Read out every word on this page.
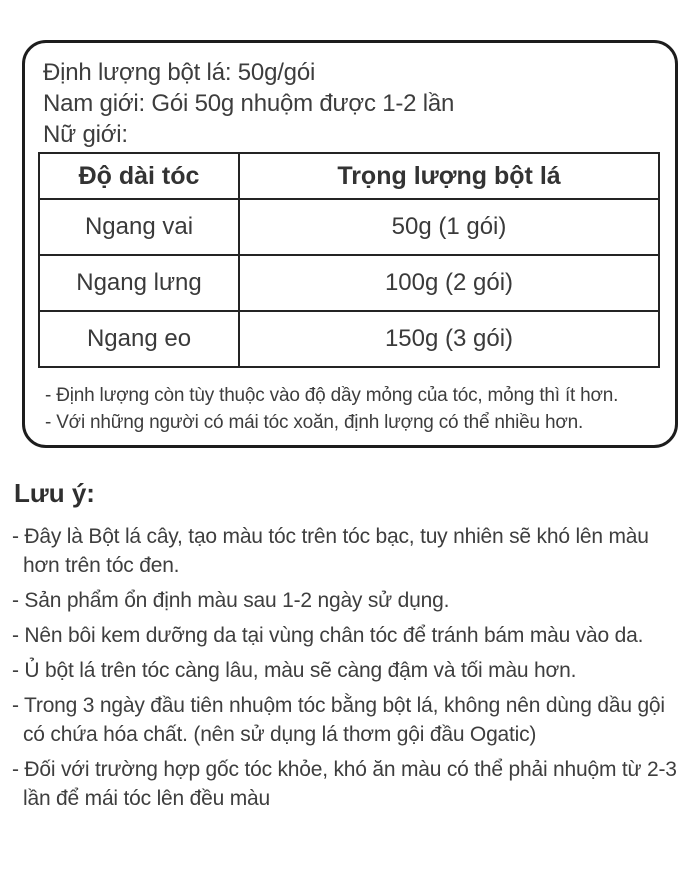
Định lượng bột lá: 50g/gói
Nam giới: Gói 50g nhuộm được 1-2 lần
Nữ giới:
Độ dài tóc	Trọng lượng bột lá
Ngang vai	50g (1 gói)
Ngang lưng	100g (2 gói)
Ngang eo	150g (3 gói)
- Định lượng còn tùy thuộc vào độ dầy mỏng của tóc, mỏng thì ít hơn.
- Với những người có mái tóc xoăn, định lượng có thể nhiều hơn.
Lưu ý:
- Đây là Bột lá cây, tạo màu tóc trên tóc bạc, tuy nhiên sẽ khó lên màu hơn trên tóc đen.
- Sản phẩm ổn định màu sau 1-2 ngày sử dụng.
- Nên bôi kem dưỡng da tại vùng chân tóc để tránh bám màu vào da.
- Ủ bột lá trên tóc càng lâu, màu sẽ càng đậm và tối màu hơn.
- Trong 3 ngày đầu tiên nhuộm tóc bằng bột lá, không nên dùng dầu gội có chứa hóa chất. (nên sử dụng lá thơm gội đầu Ogatic)
- Đối với trường hợp gốc tóc khỏe, khó ăn màu có thể phải nhuộm từ 2-3 lần để mái tóc lên đều màu
